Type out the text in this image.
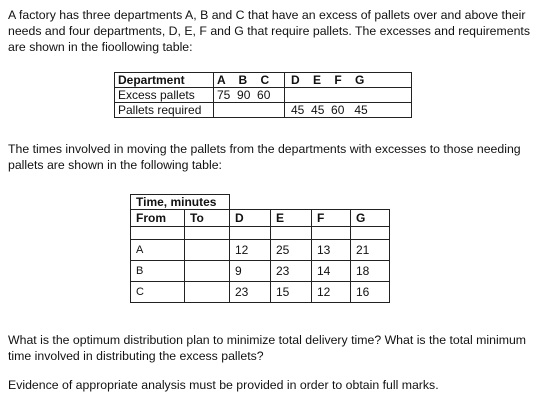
A factory has three departments A, B and C that have an excess of pallets over and above their needs and four departments, D, E, F and G that require pallets. The excesses and requirements are shown in the fioollowing table:

Department	A    B    C	D    E    F    G
Excess pallets	75  90  60	
Pallets required		45  45  60   45

The times involved in moving the pallets from the departments with excesses to those needing pallets are shown in the following table:

Time, minutes					
From	To	D	E	F	G

A		12	25	13	21
B		9	23	14	18
C		23	15	12	16

What is the optimum distribution plan to minimize total delivery time? What is the total minimum time involved in distributing the excess pallets?

Evidence of appropriate analysis must be provided in order to obtain full marks.
